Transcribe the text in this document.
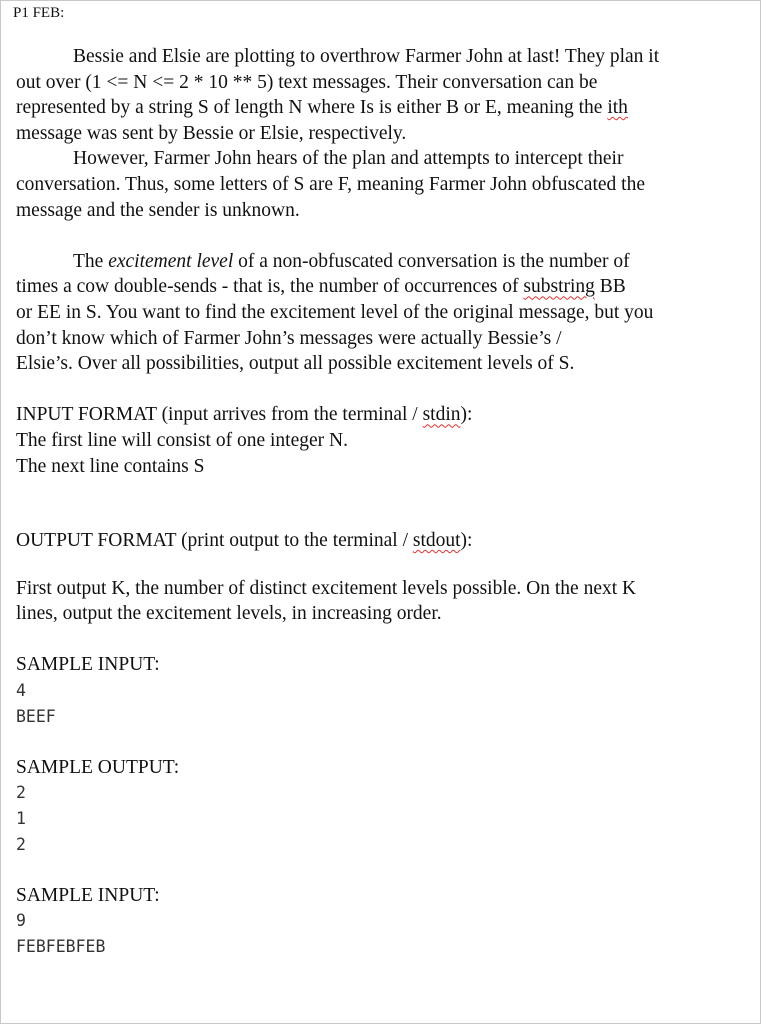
P1 FEB:
Bessie and Elsie are plotting to overthrow Farmer John at last! They plan it
out over (1 <= N <= 2 * 10 ** 5) text messages. Their conversation can be
represented by a string S of length N where Is is either B or E, meaning the ith
message was sent by Bessie or Elsie, respectively.
However, Farmer John hears of the plan and attempts to intercept their
conversation. Thus, some letters of S are F, meaning Farmer John obfuscated the
message and the sender is unknown.
The excitement level of a non-obfuscated conversation is the number of
times a cow double-sends - that is, the number of occurrences of substring BB
or EE in S. You want to find the excitement level of the original message, but you
don’t know which of Farmer John’s messages were actually Bessie’s /
Elsie’s. Over all possibilities, output all possible excitement levels of S.
INPUT FORMAT (input arrives from the terminal / stdin):
The first line will consist of one integer N.
The next line contains S
OUTPUT FORMAT (print output to the terminal / stdout):
First output K, the number of distinct excitement levels possible. On the next K
lines, output the excitement levels, in increasing order.
SAMPLE INPUT:
4
BEEF
SAMPLE OUTPUT:
2
1
2
SAMPLE INPUT:
9
FEBFEBFEB
